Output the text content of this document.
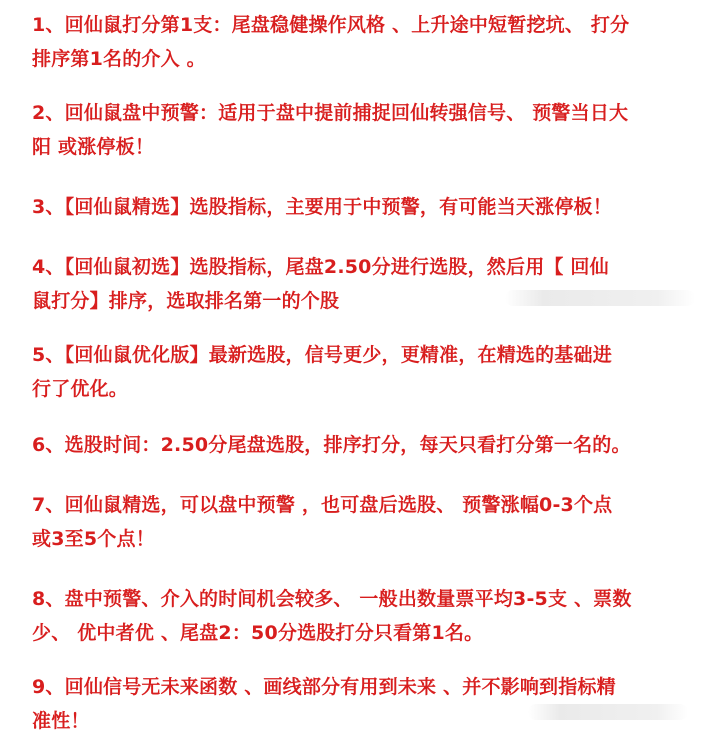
1、回仙鼠打分第1支：尾盘稳健操作风格 、上升途中短暂挖坑、 打分
排序第1名的介入 。
2、回仙鼠盘中预警：适用于盘中提前捕捉回仙转强信号、 预警当日大
阳 或涨停板！
3、【回仙鼠精选】选股指标，主要用于中预警，有可能当天涨停板！
4、【回仙鼠初选】选股指标，尾盘2.50分进行选股，然后用【 回仙
鼠打分】排序，选取排名第一的个股
5、【回仙鼠优化版】最新选股，信号更少，更精准，在精选的基础进
行了优化。
6、选股时间：2.50分尾盘选股，排序打分，每天只看打分第一名的。
7、回仙鼠精选，可以盘中预警 ，也可盘后选股、 预警涨幅0-3个点
或3至5个点！
8、盘中预警、介入的时间机会较多、 一般出数量票平均3-5支 、票数
少、 优中者优 、尾盘2：50分选股打分只看第1名。
9、回仙信号无未来函数 、画线部分有用到未来 、并不影响到指标精
准性！
